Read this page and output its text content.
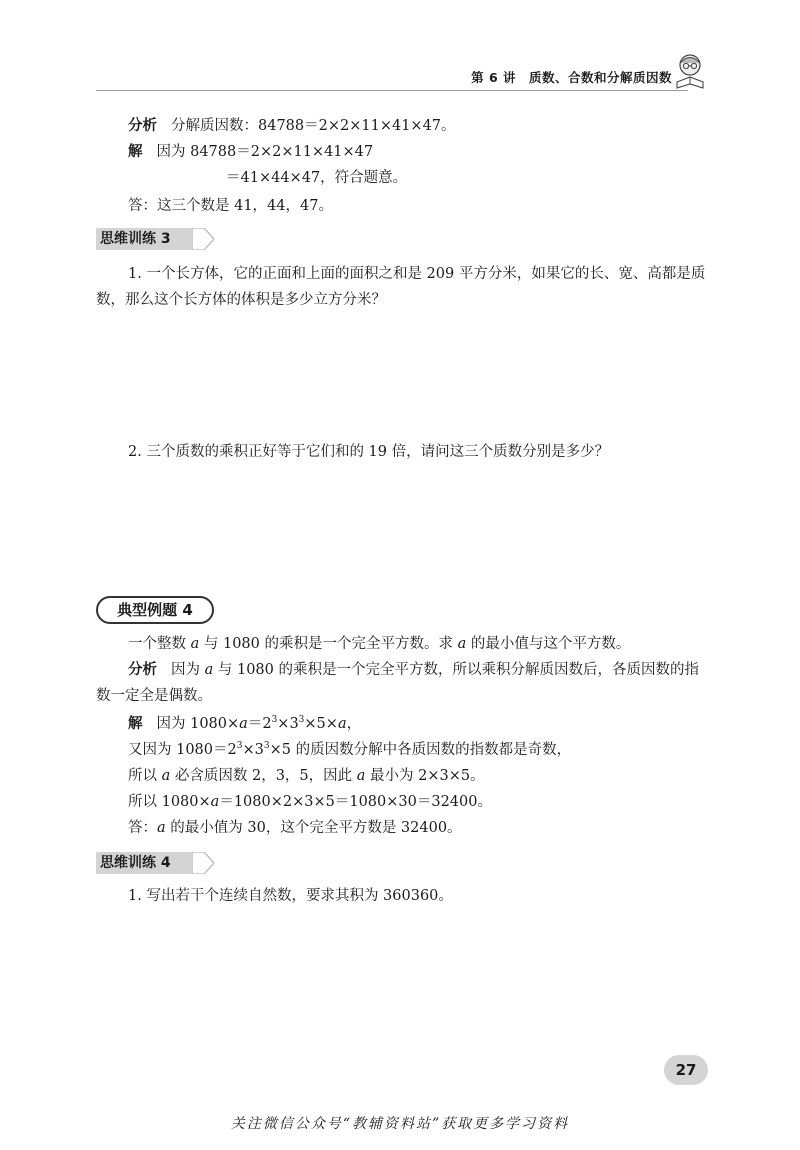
第 6 讲　质数、合数和分解质因数
分析 分解质因数：84788＝2×2×11×41×47。
解 因为 84788＝2×2×11×41×47
＝41×44×47，符合题意。
答：这三个数是 41，44，47。
思维训练 3
1. 一个长方体，它的正面和上面的面积之和是 209 平方分米，如果它的长、宽、高都是质
数，那么这个长方体的体积是多少立方分米？
2. 三个质数的乘积正好等于它们和的 19 倍，请问这三个质数分别是多少？
典型例题 4
一个整数 a 与 1080 的乘积是一个完全平方数。求 a 的最小值与这个平方数。
分析 因为 a 与 1080 的乘积是一个完全平方数，所以乘积分解质因数后，各质因数的指
数一定全是偶数。
解 因为 $1080\times a=2^3\times 3^3\times 5\times a$，
又因为 $1080=2^3\times 3^3\times 5$ 的质因数分解中各质因数的指数都是奇数，
所以 a 必含质因数 2，3，5，因此 a 最小为 2×3×5。
所以 1080×a＝1080×2×3×5＝1080×30＝32400。
答：a 的最小值为 30，这个完全平方数是 32400。
思维训练 4
1. 写出若干个连续自然数，要求其积为 360360。
27
关注微信公众号“教辅资料站”获取更多学习资料
